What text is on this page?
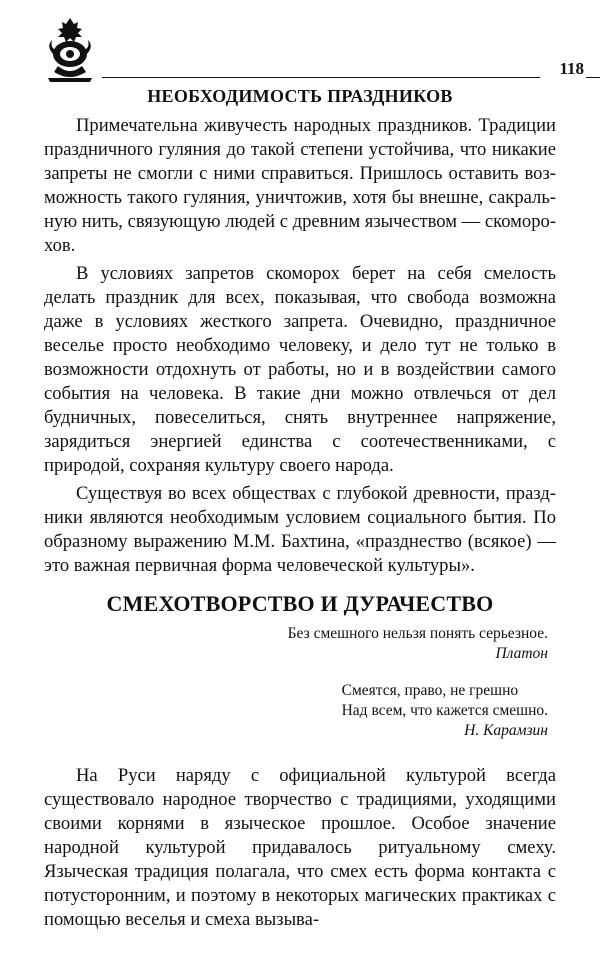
118
НЕОБХОДИМОСТЬ ПРАЗДНИКОВ

Примечательна живучесть народных праздников. Традиции праздничного гуляния до такой степени устойчива, что никакие запреты не смогли с ними справиться. Пришлось оставить возможность такого гуляния, уничтожив, хотя бы внешне, сакральную нить, связующую людей с древним язычеством — скоморохов.

В условиях запретов скоморох берет на себя смелость делать праздник для всех, показывая, что свобода возможна даже в условиях жесткого запрета. Очевидно, праздничное веселье просто необходимо человеку, и дело тут не только в возможности отдохнуть от работы, но и в воздействии самого события на человека. В такие дни можно отвлечься от дел будничных, повеселиться, снять внутреннее напряжение, зарядиться энергией единства с соотечественниками, с природой, сохраняя культуру своего народа.

Существуя во всех обществах с глубокой древности, праздники являются необходимым условием социального бытия. По образному выражению М.М. Бахтина, «празднество (всякое) — это важная первичная форма человеческой культуры».

СМЕХОТВОРСТВО И ДУРАЧЕСТВО
Без смешного нельзя понять серьезное.
Платон
Смеятся, право, не грешно
Над всем, что кажется смешно.
Н. Карамзин

На Руси наряду с официальной культурой всегда существовало народное творчество с традициями, уходящими своими корнями в языческое прошлое. Особое значение народной культурой придавалось ритуальному смеху. Языческая традиция полагала, что смех есть форма контакта с потусторонним, и поэтому в некоторых магических практиках с помощью веселья и смеха вызыва-
